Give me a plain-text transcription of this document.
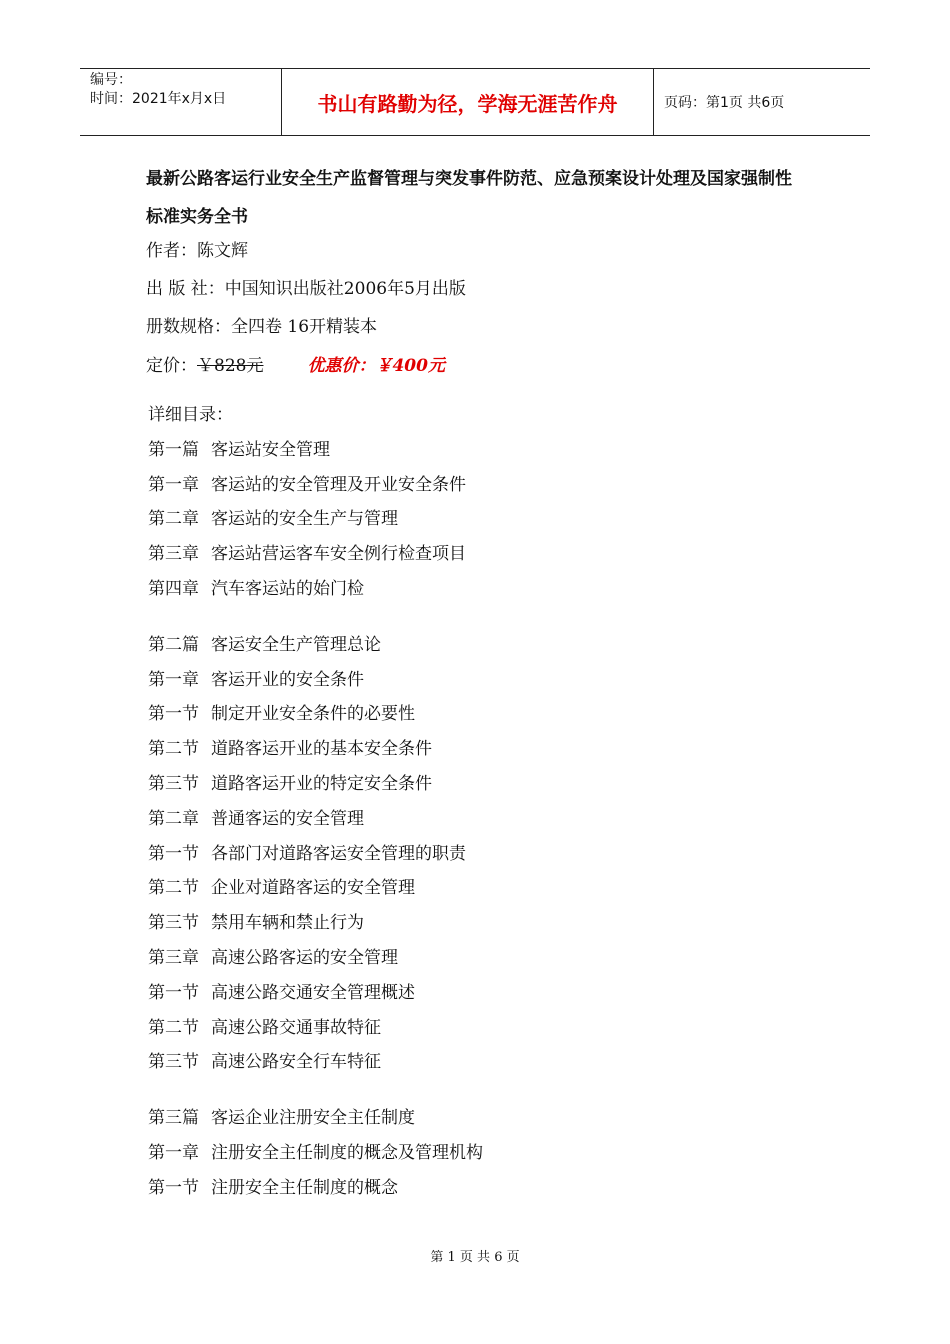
编号：
时间：2021年x月x日	书山有路勤为径，学海无涯苦作舟	页码：第1页 共6页
最新公路客运行业安全生产监督管理与突发事件防范、应急预案设计处理及国家强制性标准实务全书
作者：陈文辉
出 版 社：中国知识出版社2006年5月出版
册数规格：全四卷 16开精装本
定价：￥828元	优惠价：￥400元
详细目录：
第一篇 客运站安全管理
第一章 客运站的安全管理及开业安全条件
第二章 客运站的安全生产与管理
第三章 客运站营运客车安全例行检查项目
第四章 汽车客运站的始门检
第二篇 客运安全生产管理总论
第一章 客运开业的安全条件
第一节 制定开业安全条件的必要性
第二节 道路客运开业的基本安全条件
第三节 道路客运开业的特定安全条件
第二章 普通客运的安全管理
第一节 各部门对道路客运安全管理的职责
第二节 企业对道路客运的安全管理
第三节 禁用车辆和禁止行为
第三章 高速公路客运的安全管理
第一节 高速公路交通安全管理概述
第二节 高速公路交通事故特征
第三节 高速公路安全行车特征
第三篇 客运企业注册安全主任制度
第一章 注册安全主任制度的概念及管理机构
第一节 注册安全主任制度的概念
第 1 页 共 6 页
